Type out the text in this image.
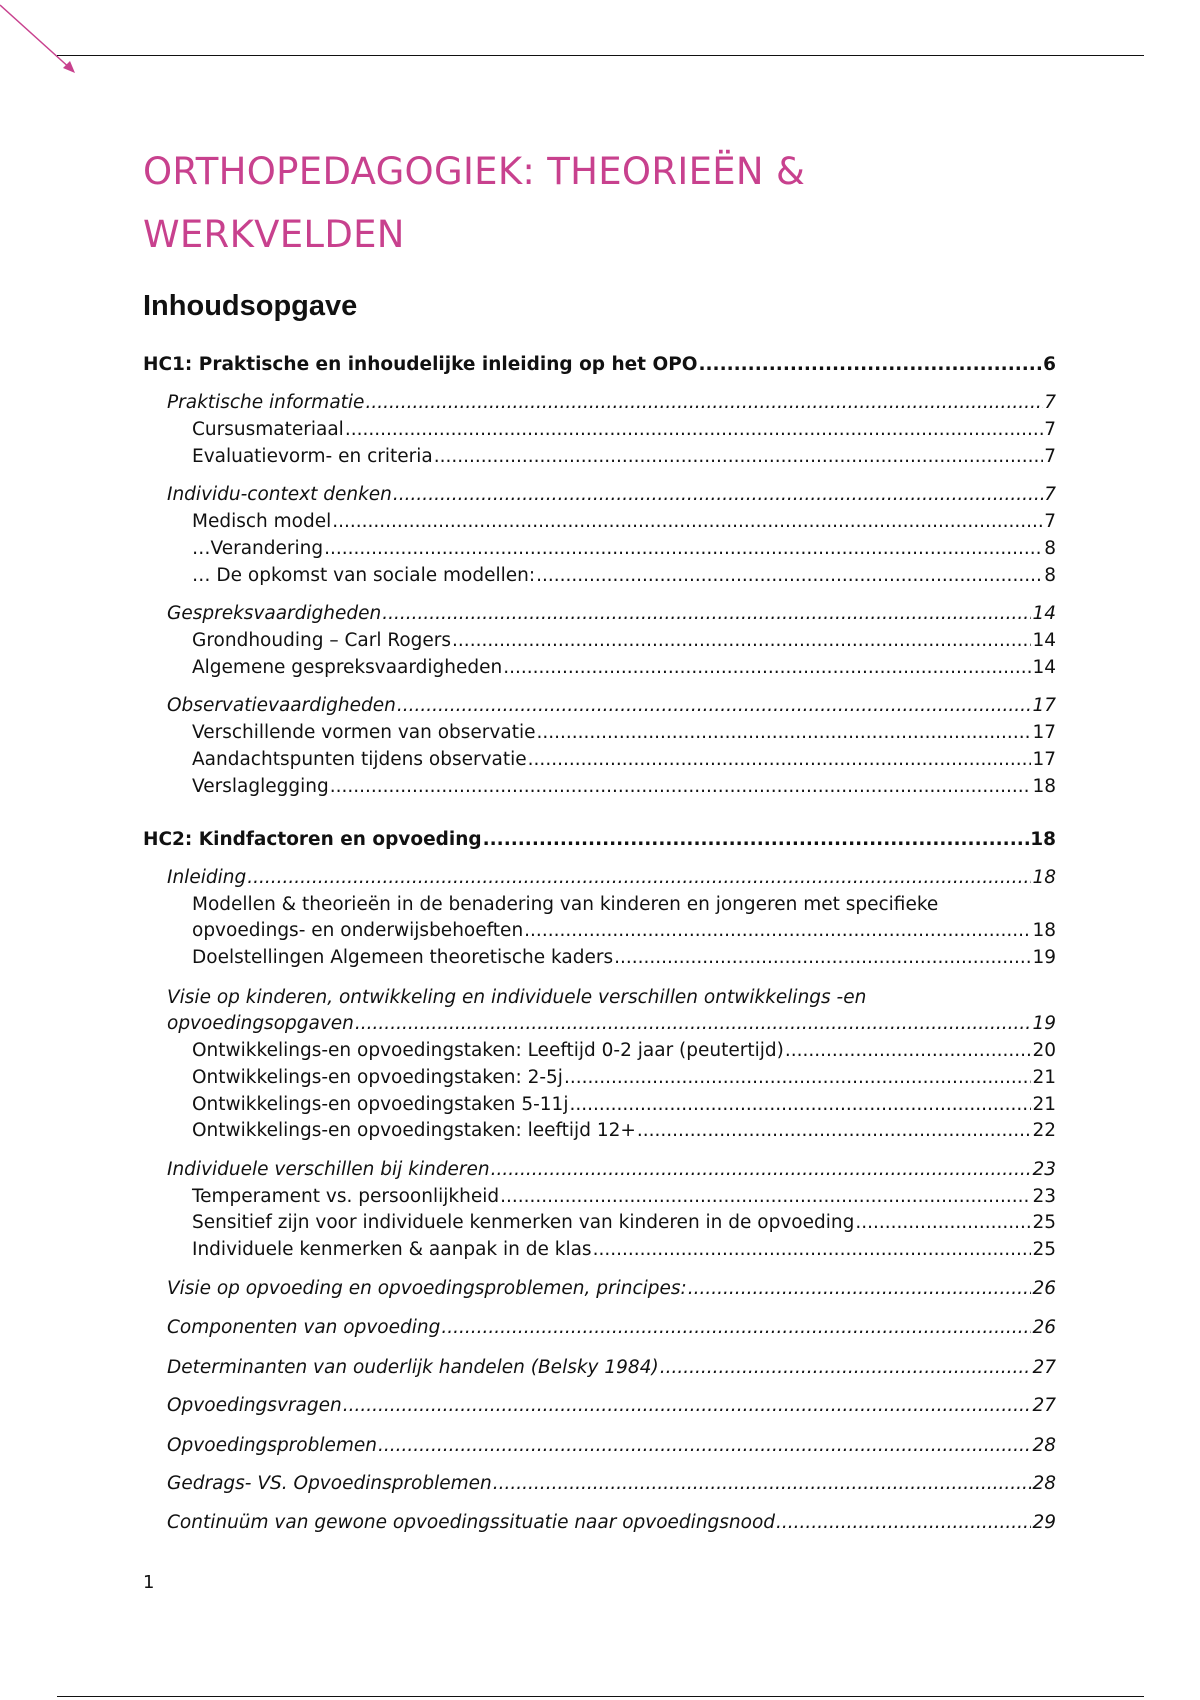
ORTHOPEDAGOGIEK: THEORIEËN &
WERKVELDEN
Inhoudsopgave
HC1: Praktische en inhoudelijke inleiding op het OPO .....	6
Praktische informatie .....	7
Cursusmateriaal .....	7
Evaluatievorm- en criteria .....	7
Individu-context denken .....	7
Medisch model .....	7
…Verandering .....	8
… De opkomst van sociale modellen: .....	8
Gespreksvaardigheden .....	14
Grondhouding – Carl Rogers .....	14
Algemene gespreksvaardigheden .....	14
Observatievaardigheden .....	17
Verschillende vormen van observatie .....	17
Aandachtspunten tijdens observatie .....	17
Verslaglegging .....	18
HC2: Kindfactoren en opvoeding .....	18
Inleiding .....	18
Modellen & theorieën in de benadering van kinderen en jongeren met specifieke
opvoedings- en onderwijsbehoeften .....	18
Doelstellingen Algemeen theoretische kaders .....	19
Visie op kinderen, ontwikkeling en individuele verschillen ontwikkelings -en
opvoedingsopgaven .....	19
Ontwikkelings-en opvoedingstaken: Leeftijd 0-2 jaar (peutertijd) .....	20
Ontwikkelings-en opvoedingstaken: 2-5j .....	21
Ontwikkelings-en opvoedingstaken 5-11j .....	21
Ontwikkelings-en opvoedingstaken: leeftijd 12+ .....	22
Individuele verschillen bij kinderen .....	23
Temperament vs. persoonlijkheid .....	23
Sensitief zijn voor individuele kenmerken van kinderen in de opvoeding .....	25
Individuele kenmerken & aanpak in de klas .....	25
Visie op opvoeding en opvoedingsproblemen, principes: .....	26
Componenten van opvoeding .....	26
Determinanten van ouderlijk handelen (Belsky 1984) .....	27
Opvoedingsvragen .....	27
Opvoedingsproblemen .....	28
Gedrags- VS. Opvoedinsproblemen .....	28
Continuüm van gewone opvoedingssituatie naar opvoedingsnood .....	29
1
